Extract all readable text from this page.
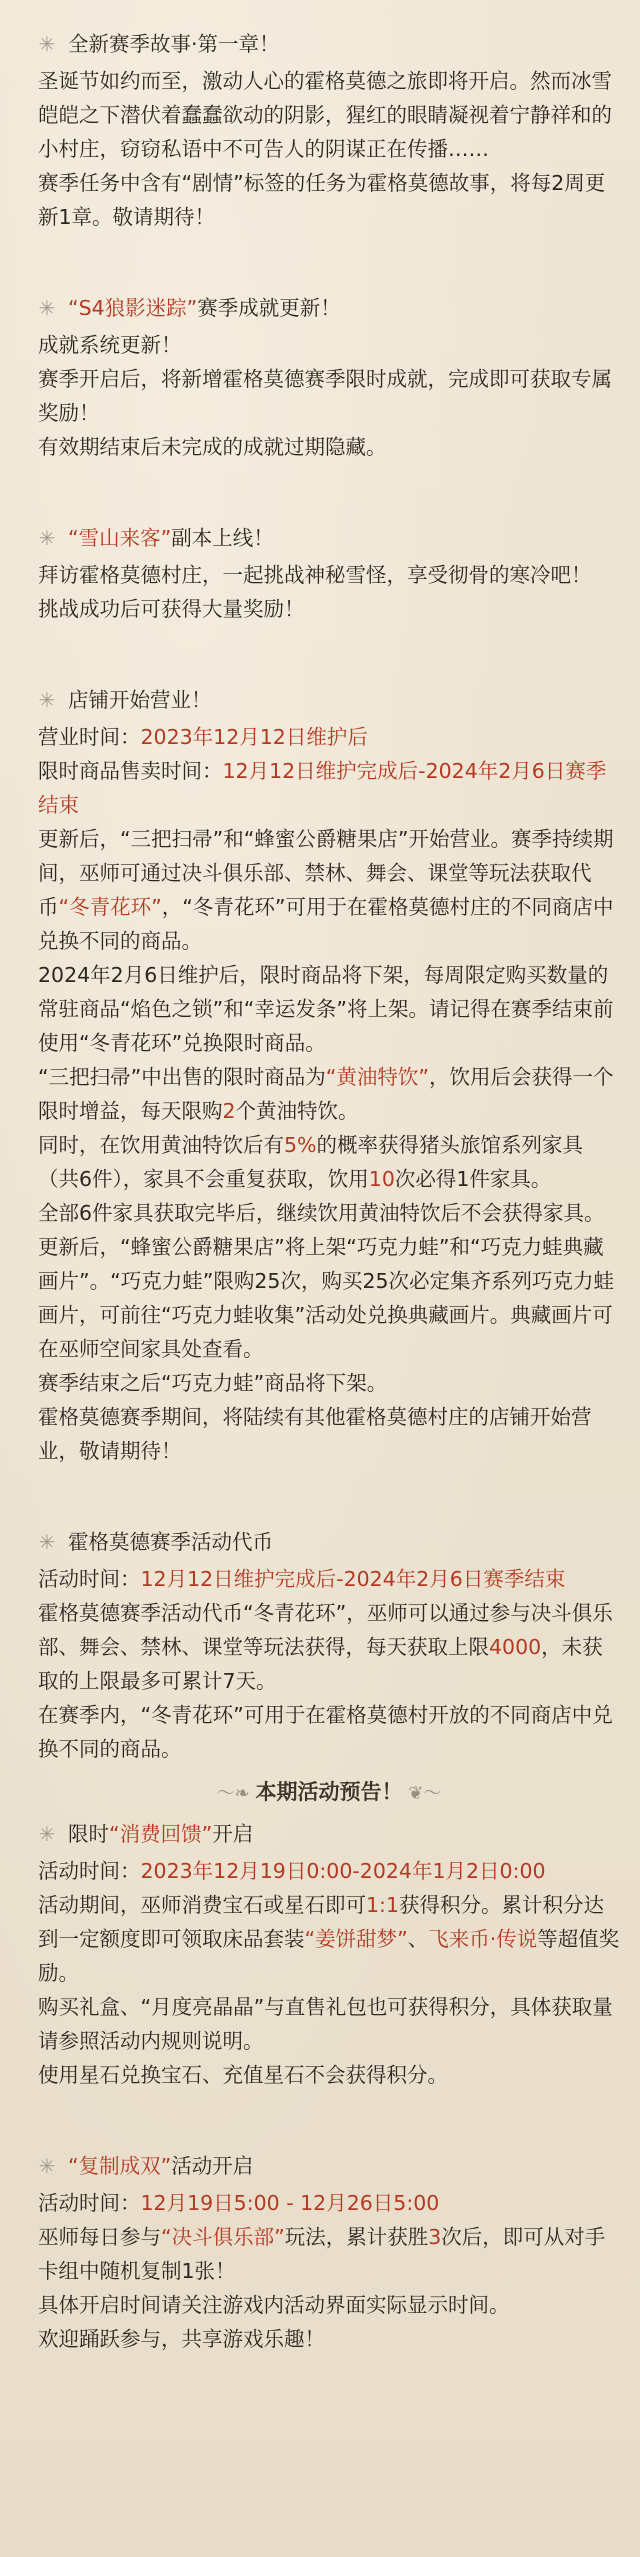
✳ 全新赛季故事·第一章！

圣诞节如约而至，激动人心的霍格莫德之旅即将开启。然而冰雪皑皑之下潜伏着蠢蠢欲动的阴影，猩红的眼睛凝视着宁静祥和的小村庄，窃窃私语中不可告人的阴谋正在传播……

赛季任务中含有“剧情”标签的任务为霍格莫德故事，将每2周更新1章。敬请期待！

✳ “S4狼影迷踪”赛季成就更新！

成就系统更新！

赛季开启后，将新增霍格莫德赛季限时成就，完成即可获取专属奖励！

有效期结束后未完成的成就过期隐藏。

✳ “雪山来客”副本上线！

拜访霍格莫德村庄，一起挑战神秘雪怪，享受彻骨的寒冷吧！

挑战成功后可获得大量奖励！

✳ 店铺开始营业！

营业时间：2023年12月12日维护后

限时商品售卖时间：12月12日维护完成后-2024年2月6日赛季结束

更新后，“三把扫帚”和“蜂蜜公爵糖果店”开始营业。赛季持续期间，巫师可通过决斗俱乐部、禁林、舞会、课堂等玩法获取代币“冬青花环”，“冬青花环”可用于在霍格莫德村庄的不同商店中兑换不同的商品。

2024年2月6日维护后，限时商品将下架，每周限定购买数量的常驻商品“焰色之锁”和“幸运发条”将上架。请记得在赛季结束前使用“冬青花环”兑换限时商品。

“三把扫帚”中出售的限时商品为“黄油特饮”，饮用后会获得一个限时增益，每天限购2个黄油特饮。

同时，在饮用黄油特饮后有5%的概率获得猪头旅馆系列家具（共6件），家具不会重复获取，饮用10次必得1件家具。

全部6件家具获取完毕后，继续饮用黄油特饮后不会获得家具。

更新后，“蜂蜜公爵糖果店”将上架“巧克力蛙”和“巧克力蛙典藏画片”。“巧克力蛙”限购25次，购买25次必定集齐系列巧克力蛙画片，可前往“巧克力蛙收集”活动处兑换典藏画片。典藏画片可在巫师空间家具处查看。

赛季结束之后“巧克力蛙”商品将下架。

霍格莫德赛季期间，将陆续有其他霍格莫德村庄的店铺开始营业，敬请期待！

✳ 霍格莫德赛季活动代币

活动时间：12月12日维护完成后-2024年2月6日赛季结束

霍格莫德赛季活动代币“冬青花环”，巫师可以通过参与决斗俱乐部、舞会、禁林、课堂等玩法获得，每天获取上限4000，未获取的上限最多可累计7天。

在赛季内，“冬青花环”可用于在霍格莫德村开放的不同商店中兑换不同的商品。

〜❧ 本期活动预告！ ❦〜
✳ 限时“消费回馈”开启

活动时间：2023年12月19日0:00-2024年1月2日0:00

活动期间，巫师消费宝石或星石即可1:1获得积分。累计积分达到一定额度即可领取床品套装“姜饼甜梦”、飞来币·传说等超值奖励。

购买礼盒、“月度亮晶晶”与直售礼包也可获得积分，具体获取量请参照活动内规则说明。

使用星石兑换宝石、充值星石不会获得积分。

✳ “复制成双”活动开启

活动时间：12月19日5:00 - 12月26日5:00

巫师每日参与“决斗俱乐部”玩法，累计获胜3次后，即可从对手卡组中随机复制1张！

具体开启时间请关注游戏内活动界面实际显示时间。

欢迎踊跃参与，共享游戏乐趣！
